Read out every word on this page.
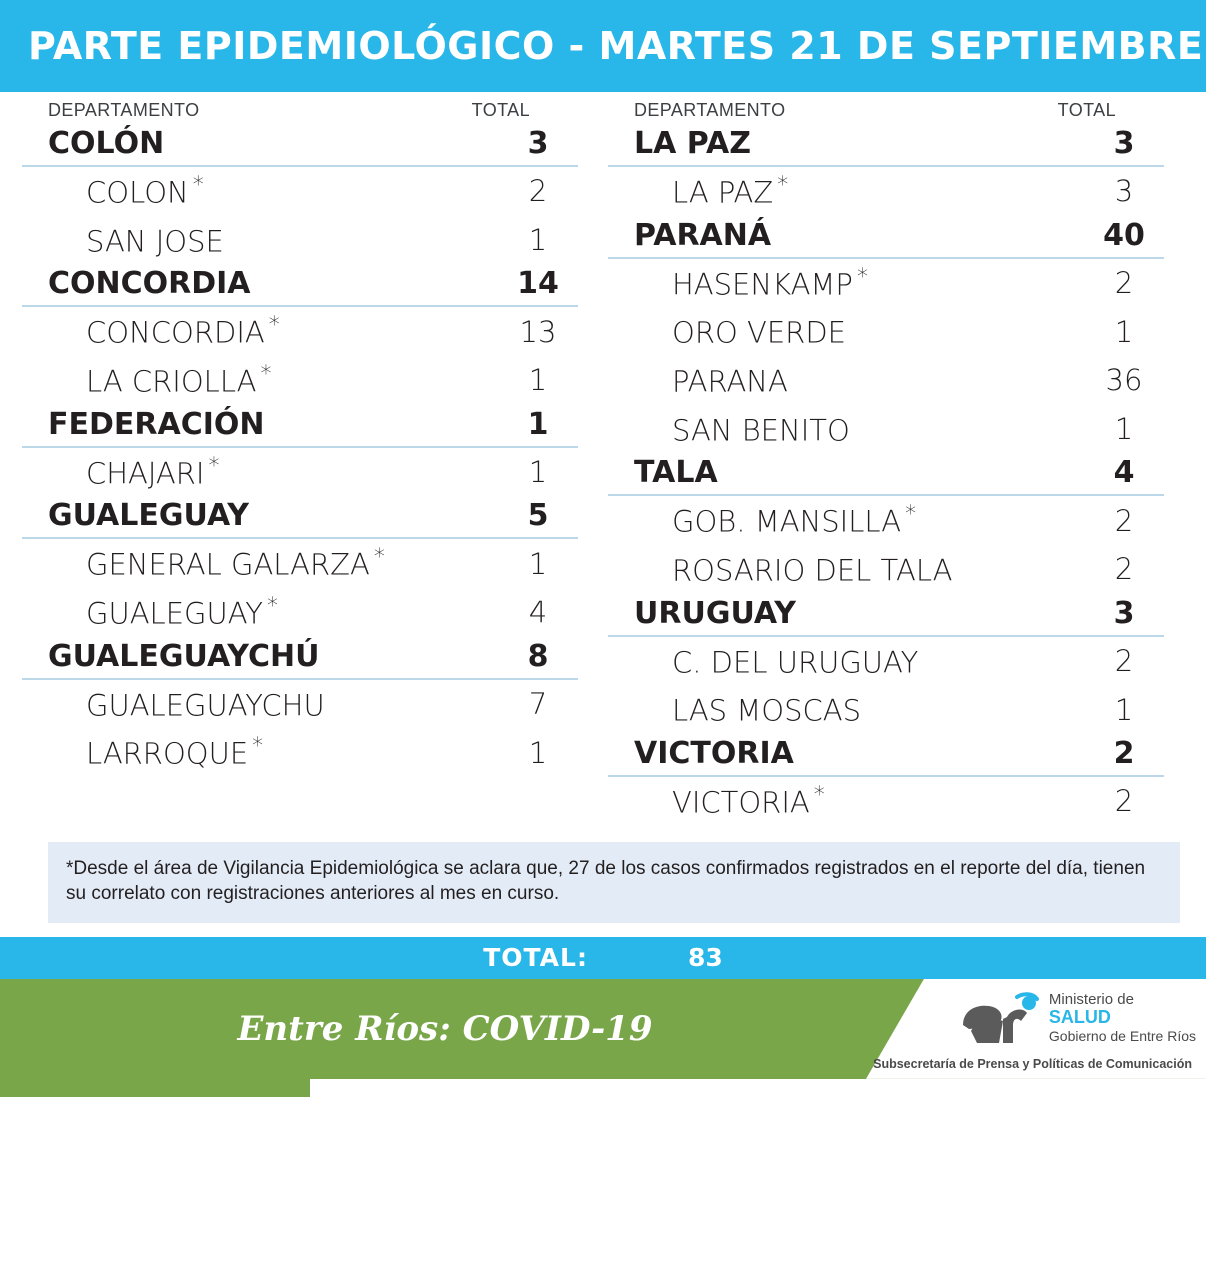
PARTE EPIDEMIOLÓGICO - MARTES 21 DE SEPTIEMBRE
DEPARTAMENTO	TOTAL
COLÓN	3
COLON *	2
SAN JOSE	1
CONCORDIA	14
CONCORDIA *	13
LA CRIOLLA *	1
FEDERACIÓN	1
CHAJARI *	1
GUALEGUAY	5
GENERAL GALARZA *	1
GUALEGUAY *	4
GUALEGUAYCHÚ	8
GUALEGUAYCHU	7
LARROQUE *	1
DEPARTAMENTO	TOTAL
LA PAZ	3
LA PAZ *	3
PARANÁ	40
HASENKAMP *	2
ORO VERDE	1
PARANA	36
SAN BENITO	1
TALA	4
GOB. MANSILLA *	2
ROSARIO DEL TALA	2
URUGUAY	3
C. DEL URUGUAY	2
LAS MOSCAS	1
VICTORIA	2
VICTORIA *	2
*Desde el área de Vigilancia Epidemiológica se aclara que, 27 de los casos confirmados registrados en el reporte del día, tienen su correlato con registraciones anteriores al mes en curso.
TOTAL:	83
Entre Ríos: COVID-19
Ministerio de
SALUD
Gobierno de Entre Ríos
Subsecretaría de Prensa y Políticas de Comunicación
